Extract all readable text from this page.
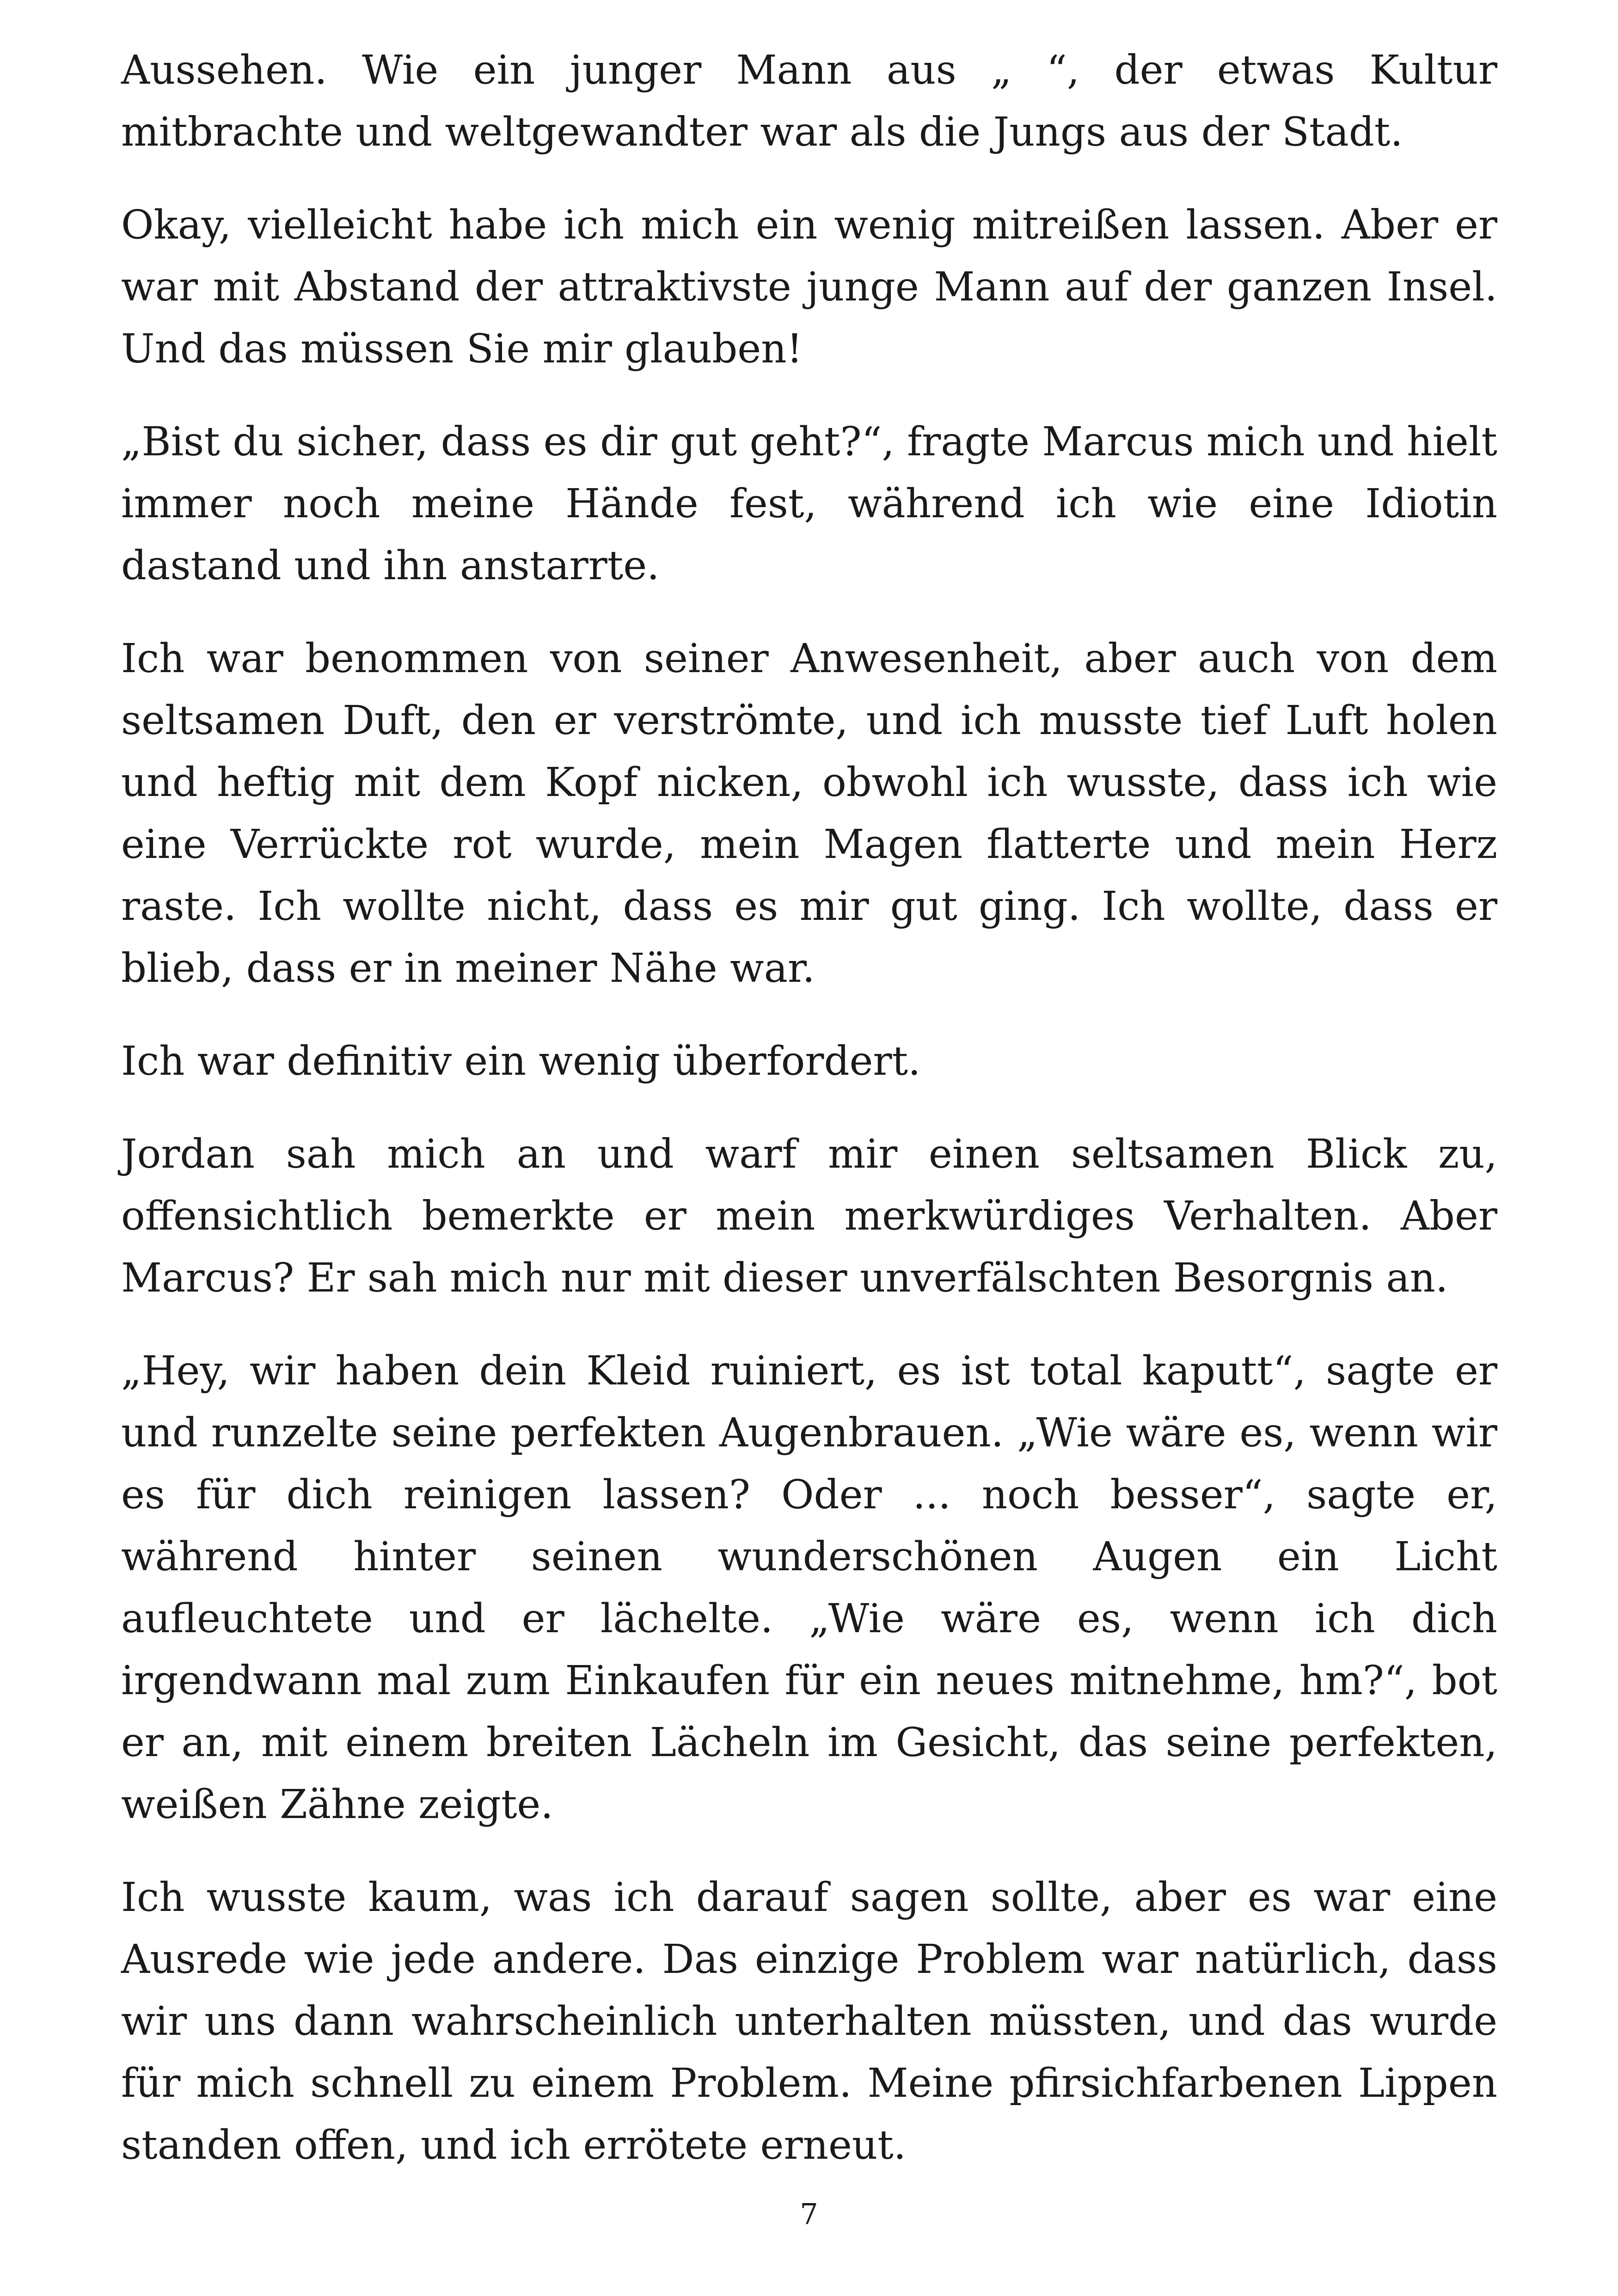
Aussehen. Wie ein junger Mann aus „ “, der etwas Kultur mitbrachte und weltgewandter war als die Jungs aus der Stadt.

Okay, vielleicht habe ich mich ein wenig mitreißen lassen. Aber er war mit Abstand der attraktivste junge Mann auf der ganzen Insel. Und das müssen Sie mir glauben!

„Bist du sicher, dass es dir gut geht?“, fragte Marcus mich und hielt immer noch meine Hände fest, während ich wie eine Idiotin dastand und ihn anstarrte.

Ich war benommen von seiner Anwesenheit, aber auch von dem seltsamen Duft, den er verströmte, und ich musste tief Luft holen und heftig mit dem Kopf nicken, obwohl ich wusste, dass ich wie eine Verrückte rot wurde, mein Magen flatterte und mein Herz raste. Ich wollte nicht, dass es mir gut ging. Ich wollte, dass er blieb, dass er in meiner Nähe war.

Ich war definitiv ein wenig überfordert.

Jordan sah mich an und warf mir einen seltsamen Blick zu, offensichtlich bemerkte er mein merkwürdiges Verhalten. Aber Marcus? Er sah mich nur mit dieser unverfälschten Besorgnis an.

„Hey, wir haben dein Kleid ruiniert, es ist total kaputt“, sagte er und runzelte seine perfekten Augenbrauen. „Wie wäre es, wenn wir es für dich reinigen lassen? Oder ... noch besser“, sagte er, während hinter seinen wunderschönen Augen ein Licht aufleuchtete und er lächelte. „Wie wäre es, wenn ich dich irgendwann mal zum Einkaufen für ein neues mitnehme, hm?“, bot er an, mit einem breiten Lächeln im Gesicht, das seine perfekten, weißen Zähne zeigte.

Ich wusste kaum, was ich darauf sagen sollte, aber es war eine Ausrede wie jede andere. Das einzige Problem war natürlich, dass wir uns dann wahrscheinlich unterhalten müssten, und das wurde für mich schnell zu einem Problem. Meine pfirsichfarbenen Lippen standen offen, und ich errötete erneut.

7
